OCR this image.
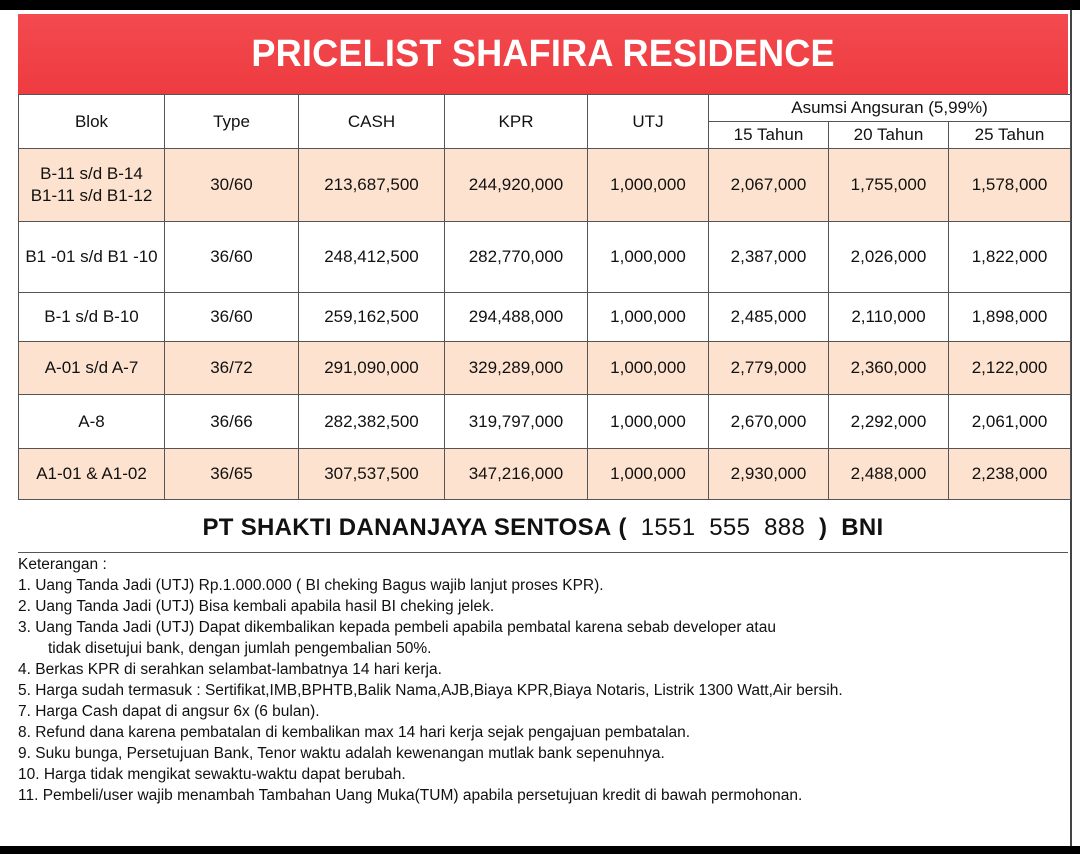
PRICELIST SHAFIRA RESIDENCE
Blok	Type	CASH	KPR	UTJ	Asumsi Angsuran (5,99%)		
					15 Tahun	20 Tahun	25 Tahun

B-11 s/d B-14
B1-11 s/d B1-12	30/60	213,687,500	244,920,000	1,000,000	2,067,000	1,755,000	1,578,000
B1 -01 s/d B1 -10	36/60	248,412,500	282,770,000	1,000,000	2,387,000	2,026,000	1,822,000
B-1 s/d B-10	36/60	259,162,500	294,488,000	1,000,000	2,485,000	2,110,000	1,898,000
A-01 s/d A-7	36/72	291,090,000	329,289,000	1,000,000	2,779,000	2,360,000	2,122,000
A-8	36/66	282,382,500	319,797,000	1,000,000	2,670,000	2,292,000	2,061,000
A1-01 & A1-02	36/65	307,537,500	347,216,000	1,000,000	2,930,000	2,488,000	2,238,000
PT SHAKTI DANANJAYA SENTOSA ( 1551  555  888 ) BNI
Keterangan :
1. Uang Tanda Jadi (UTJ) Rp.1.000.000 ( BI cheking Bagus wajib lanjut proses KPR).
2. Uang Tanda Jadi (UTJ) Bisa kembali apabila hasil BI cheking jelek.
3. Uang Tanda Jadi (UTJ) Dapat dikembalikan kepada pembeli apabila pembatal karena sebab developer atau
tidak disetujui bank, dengan jumlah pengembalian 50%.
4. Berkas KPR di serahkan selambat-lambatnya 14 hari kerja.
5. Harga sudah termasuk : Sertifikat,IMB,BPHTB,Balik Nama,AJB,Biaya KPR,Biaya Notaris, Listrik 1300 Watt,Air bersih.
7. Harga Cash dapat di angsur 6x (6 bulan).
8. Refund dana karena pembatalan di kembalikan max 14 hari kerja sejak pengajuan pembatalan.
9. Suku bunga, Persetujuan Bank, Tenor waktu adalah kewenangan mutlak bank sepenuhnya.
10. Harga tidak mengikat sewaktu-waktu dapat berubah.
11. Pembeli/user wajib menambah Tambahan Uang Muka(TUM) apabila persetujuan kredit di bawah permohonan.
